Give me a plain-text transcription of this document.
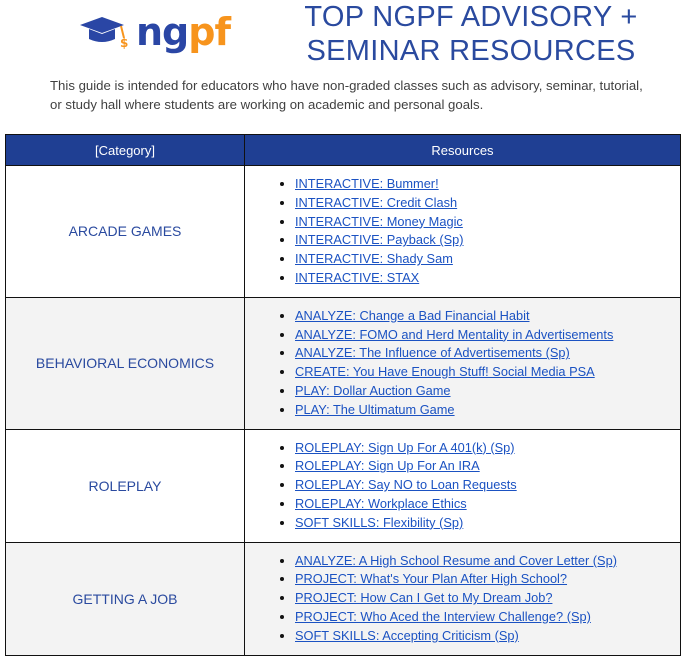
$ ngpf	TOP NGPF ADVISORY +
SEMINAR RESOURCES
This guide is intended for educators who have non-graded classes such as advisory, seminar, tutorial, or study hall where students are working on academic and personal goals.
[Category]	Resources
ARCADE GAMES	
• INTERACTIVE: Bummer!
• INTERACTIVE: Credit Clash
• INTERACTIVE: Money Magic
• INTERACTIVE: Payback (Sp)
• INTERACTIVE: Shady Sam
• INTERACTIVE: STAX

BEHAVIORAL ECONOMICS	
• ANALYZE: Change a Bad Financial Habit
• ANALYZE: FOMO and Herd Mentality in Advertisements
• ANALYZE: The Influence of Advertisements (Sp)
• CREATE: You Have Enough Stuff! Social Media PSA
• PLAY: Dollar Auction Game
• PLAY: The Ultimatum Game

ROLEPLAY	
• ROLEPLAY: Sign Up For A 401(k) (Sp)
• ROLEPLAY: Sign Up For An IRA
• ROLEPLAY: Say NO to Loan Requests
• ROLEPLAY: Workplace Ethics
• SOFT SKILLS: Flexibility (Sp)

GETTING A JOB	
• ANALYZE: A High School Resume and Cover Letter (Sp)
• PROJECT: What's Your Plan After High School?
• PROJECT: How Can I Get to My Dream Job?
• PROJECT: Who Aced the Interview Challenge? (Sp)
• SOFT SKILLS: Accepting Criticism (Sp)
